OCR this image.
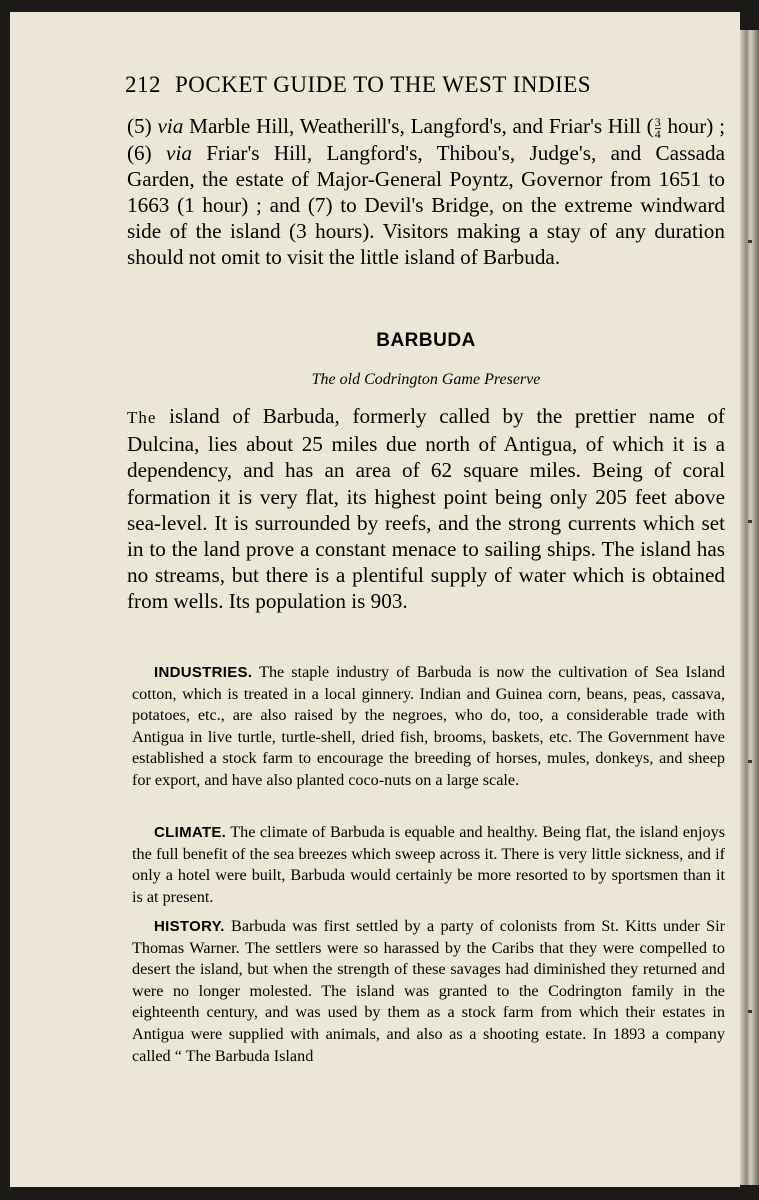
212 POCKET GUIDE TO THE WEST INDIES

(5) via Marble Hill, Weatherill's, Langford's, and Friar's Hill ( $\frac{3}{4}$ hour) ; (6) via Friar's Hill, Langford's, Thibou's, Judge's, and Cassada Garden, the estate of Major-General Poyntz, Governor from 1651 to 1663 (1 hour) ; and (7) to Devil's Bridge, on the extreme windward side of the island (3 hours). Visitors making a stay of any duration should not omit to visit the little island of Barbuda.

BARBUDA

The old Codrington Game Preserve

The island of Barbuda, formerly called by the prettier name of Dulcina, lies about 25 miles due north of Antigua, of which it is a dependency, and has an area of 62 square miles. Being of coral formation it is very flat, its highest point being only 205 feet above sea-level. It is surrounded by reefs, and the strong currents which set in to the land prove a constant menace to sailing ships. The island has no streams, but there is a plentiful supply of water which is obtained from wells. Its population is 903.

INDUSTRIES. The staple industry of Barbuda is now the cultivation of Sea Island cotton, which is treated in a local ginnery. Indian and Guinea corn, beans, peas, cassava, potatoes, etc., are also raised by the negroes, who do, too, a considerable trade with Antigua in live turtle, turtle-shell, dried fish, brooms, baskets, etc. The Government have established a stock farm to encourage the breeding of horses, mules, donkeys, and sheep for export, and have also planted coco-nuts on a large scale.

CLIMATE. The climate of Barbuda is equable and healthy. Being flat, the island enjoys the full benefit of the sea breezes which sweep across it. There is very little sickness, and if only a hotel were built, Barbuda would certainly be more resorted to by sportsmen than it is at present.

HISTORY. Barbuda was first settled by a party of colonists from St. Kitts under Sir Thomas Warner. The settlers were so harassed by the Caribs that they were compelled to desert the island, but when the strength of these savages had diminished they returned and were no longer molested. The island was granted to the Codrington family in the eighteenth century, and was used by them as a stock farm from which their estates in Antigua were supplied with animals, and also as a shooting estate. In 1893 a company called “ The Barbuda Island
